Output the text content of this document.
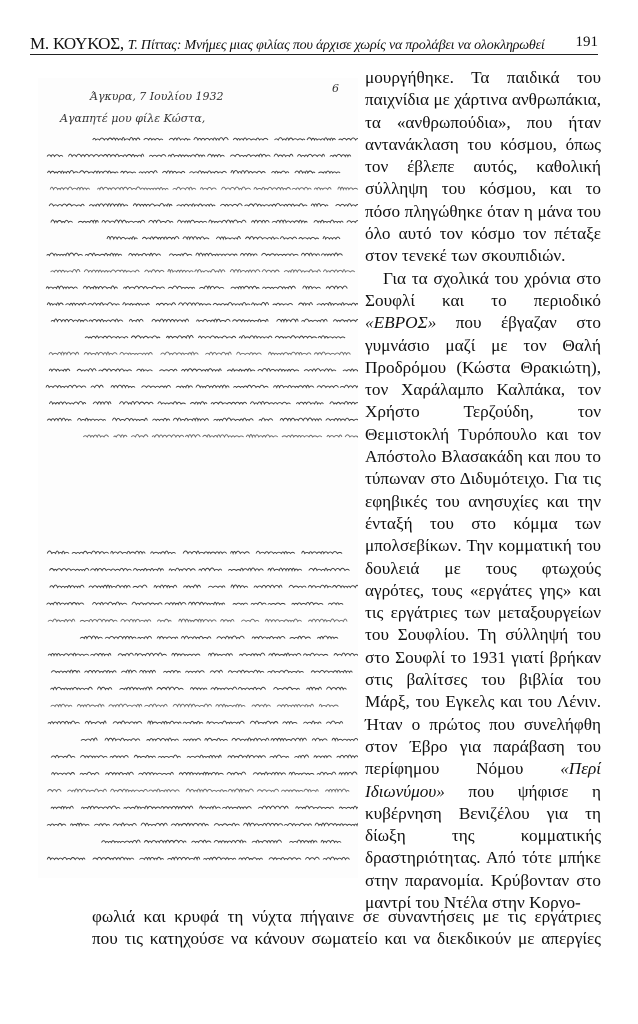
Μ. ΚΟΥΚΟΣ, Τ. Πίττας: Μνήμες μιας φιλίας που άρχισε χωρίς να προλάβει να ολοκληρωθεί 191
Άγκυρα, 7 Ιουλίου 1932
6
Αγαπητέ μου φίλε Κώστα,

μουργήθηκε. Τα παιδικά του παιχνίδια με χάρτινα ανθρωπάκια, τα «ανθρωπούδια», που ήταν αντανάκλαση του κόσμου, όπως τον έβλεπε αυτός, καθολική σύλληψη του κόσμου, και το πόσο πληγώθηκε όταν η μάνα του όλο αυτό τον κόσμο τον πέταξε στον τενεκέ των σκουπιδιών.

Για τα σχολικά του χρόνια στο Σουφλί και το περιοδικό «ΕΒΡΟΣ» που έβγαζαν στο γυμνάσιο μαζί με τον Θαλή Προδρόμου (Κώστα Θρακιώτη), τον Χαράλαμπο Καλπάκα, τον Χρήστο Τερζούδη, τον Θεμιστοκλή Τυρόπουλο και τον Απόστολο Βλασακάδη και που το τύπωναν στο Διδυμότειχο. Για τις εφηβικές του ανησυχίες και την ένταξή του στο κόμμα των μπολσεβίκων. Την κομματική του δουλειά με τους φτωχούς αγρότες, τους «εργάτες γης» και τις εργάτριες των μεταξουργείων του Σουφλίου. Τη σύλληψή του στο Σουφλί το 1931 γιατί βρήκαν στις βαλίτσες του βιβλία του Μάρξ, του Εγκελς και του Λένιν. Ήταν ο πρώτος που συνελήφθη στον Έβρο για παράβαση του περίφημου Νόμου «Περί Ιδιωνύμου» που ψήφισε η κυβέρνηση Βενιζέλου για τη δίωξη της κομματικής δραστηριότητας. Από τότε μπήκε στην παρανομία. Κρύβονταν στο μαντρί του Ντέλα στην Κορνο-

φωλιά και κρυφά τη νύχτα πήγαινε σε συναντήσεις με τις εργάτριες

που τις κατηχούσε να κάνουν σωματείο και να διεκδικούν με απεργίες
